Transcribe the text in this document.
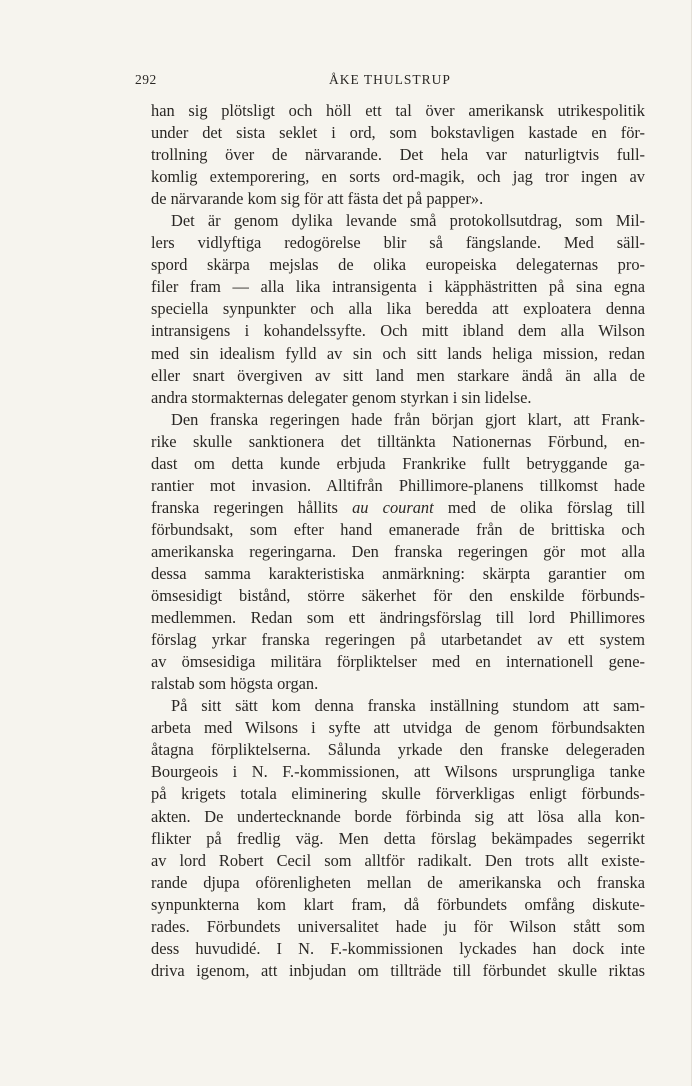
292	ÅKE THULSTRUP
han sig plötsligt och höll ett tal över amerikansk utrikespolitik
under det sista seklet i ord, som bokstavligen kastade en för-
trollning över de närvarande. Det hela var naturligtvis full-
komlig extemporering, en sorts ord-magik, och jag tror ingen av
de närvarande kom sig för att fästa det på papper».
Det är genom dylika levande små protokollsutdrag, som Mil-
lers vidlyftiga redogörelse blir så fängslande. Med säll-
spord skärpa mejslas de olika europeiska delegaternas pro-
filer fram — alla lika intransigenta i käpphästritten på sina egna
speciella synpunkter och alla lika beredda att exploatera denna
intransigens i kohandelssyfte. Och mitt ibland dem alla Wilson
med sin idealism fylld av sin och sitt lands heliga mission, redan
eller snart övergiven av sitt land men starkare ändå än alla de
andra stormakternas delegater genom styrkan i sin lidelse.
Den franska regeringen hade från början gjort klart, att Frank-
rike skulle sanktionera det tilltänkta Nationernas Förbund, en-
dast om detta kunde erbjuda Frankrike fullt betryggande ga-
rantier mot invasion. Alltifrån Phillimore-planens tillkomst hade
franska regeringen hållits au courant med de olika förslag till
förbundsakt, som efter hand emanerade från de brittiska och
amerikanska regeringarna. Den franska regeringen gör mot alla
dessa samma karakteristiska anmärkning: skärpta garantier om
ömsesidigt bistånd, större säkerhet för den enskilde förbunds-
medlemmen. Redan som ett ändringsförslag till lord Phillimores
förslag yrkar franska regeringen på utarbetandet av ett system
av ömsesidiga militära förpliktelser med en internationell gene-
ralstab som högsta organ.
På sitt sätt kom denna franska inställning stundom att sam-
arbeta med Wilsons i syfte att utvidga de genom förbundsakten
åtagna förpliktelserna. Sålunda yrkade den franske delegeraden
Bourgeois i N. F.-kommissionen, att Wilsons ursprungliga tanke
på krigets totala eliminering skulle förverkligas enligt förbunds-
akten. De undertecknande borde förbinda sig att lösa alla kon-
flikter på fredlig väg. Men detta förslag bekämpades segerrikt
av lord Robert Cecil som alltför radikalt. Den trots allt existe-
rande djupa oförenligheten mellan de amerikanska och franska
synpunkterna kom klart fram, då förbundets omfång diskute-
rades. Förbundets universalitet hade ju för Wilson stått som
dess huvudidé. I N. F.-kommissionen lyckades han dock inte
driva igenom, att inbjudan om tillträde till förbundet skulle riktas
